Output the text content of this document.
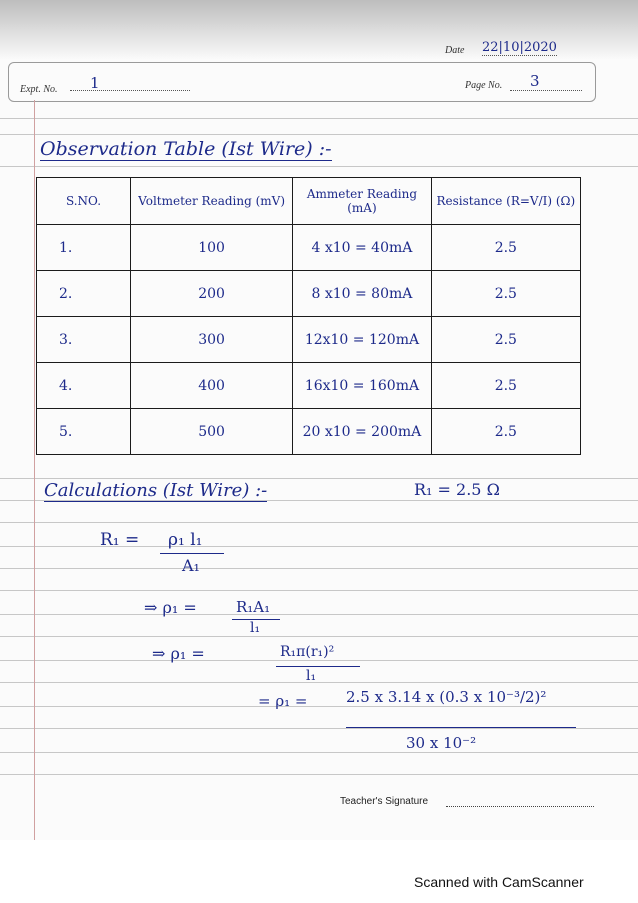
Date 22|10|2020
Expt. No. 1	Page No. 3
Observation Table (Ist Wire) :-
S.NO.	Voltmeter Reading (mV)	Ammeter Reading (mA)	Resistance (R=V/I) (Ω)
1.	100	4 x10 = 40mA	2.5
2.	200	8 x10 = 80mA	2.5
3.	300	12x10 = 120mA	2.5
4.	400	16x10 = 160mA	2.5
5.	500	20 x10 = 200mA	2.5
Calculations (Ist Wire) :-	R₁ = 2.5 Ω
R₁ = ρ₁ l₁
A₁
⇒ ρ₁ =	R₁A₁
l₁
⇒ ρ₁ =	R₁π(r₁)²
l₁
= ρ₁ =	2.5 x 3.14 x (0.3 x 10⁻³/2)²
30 x 10⁻²
Teacher's Signature
Scanned with CamScanner
